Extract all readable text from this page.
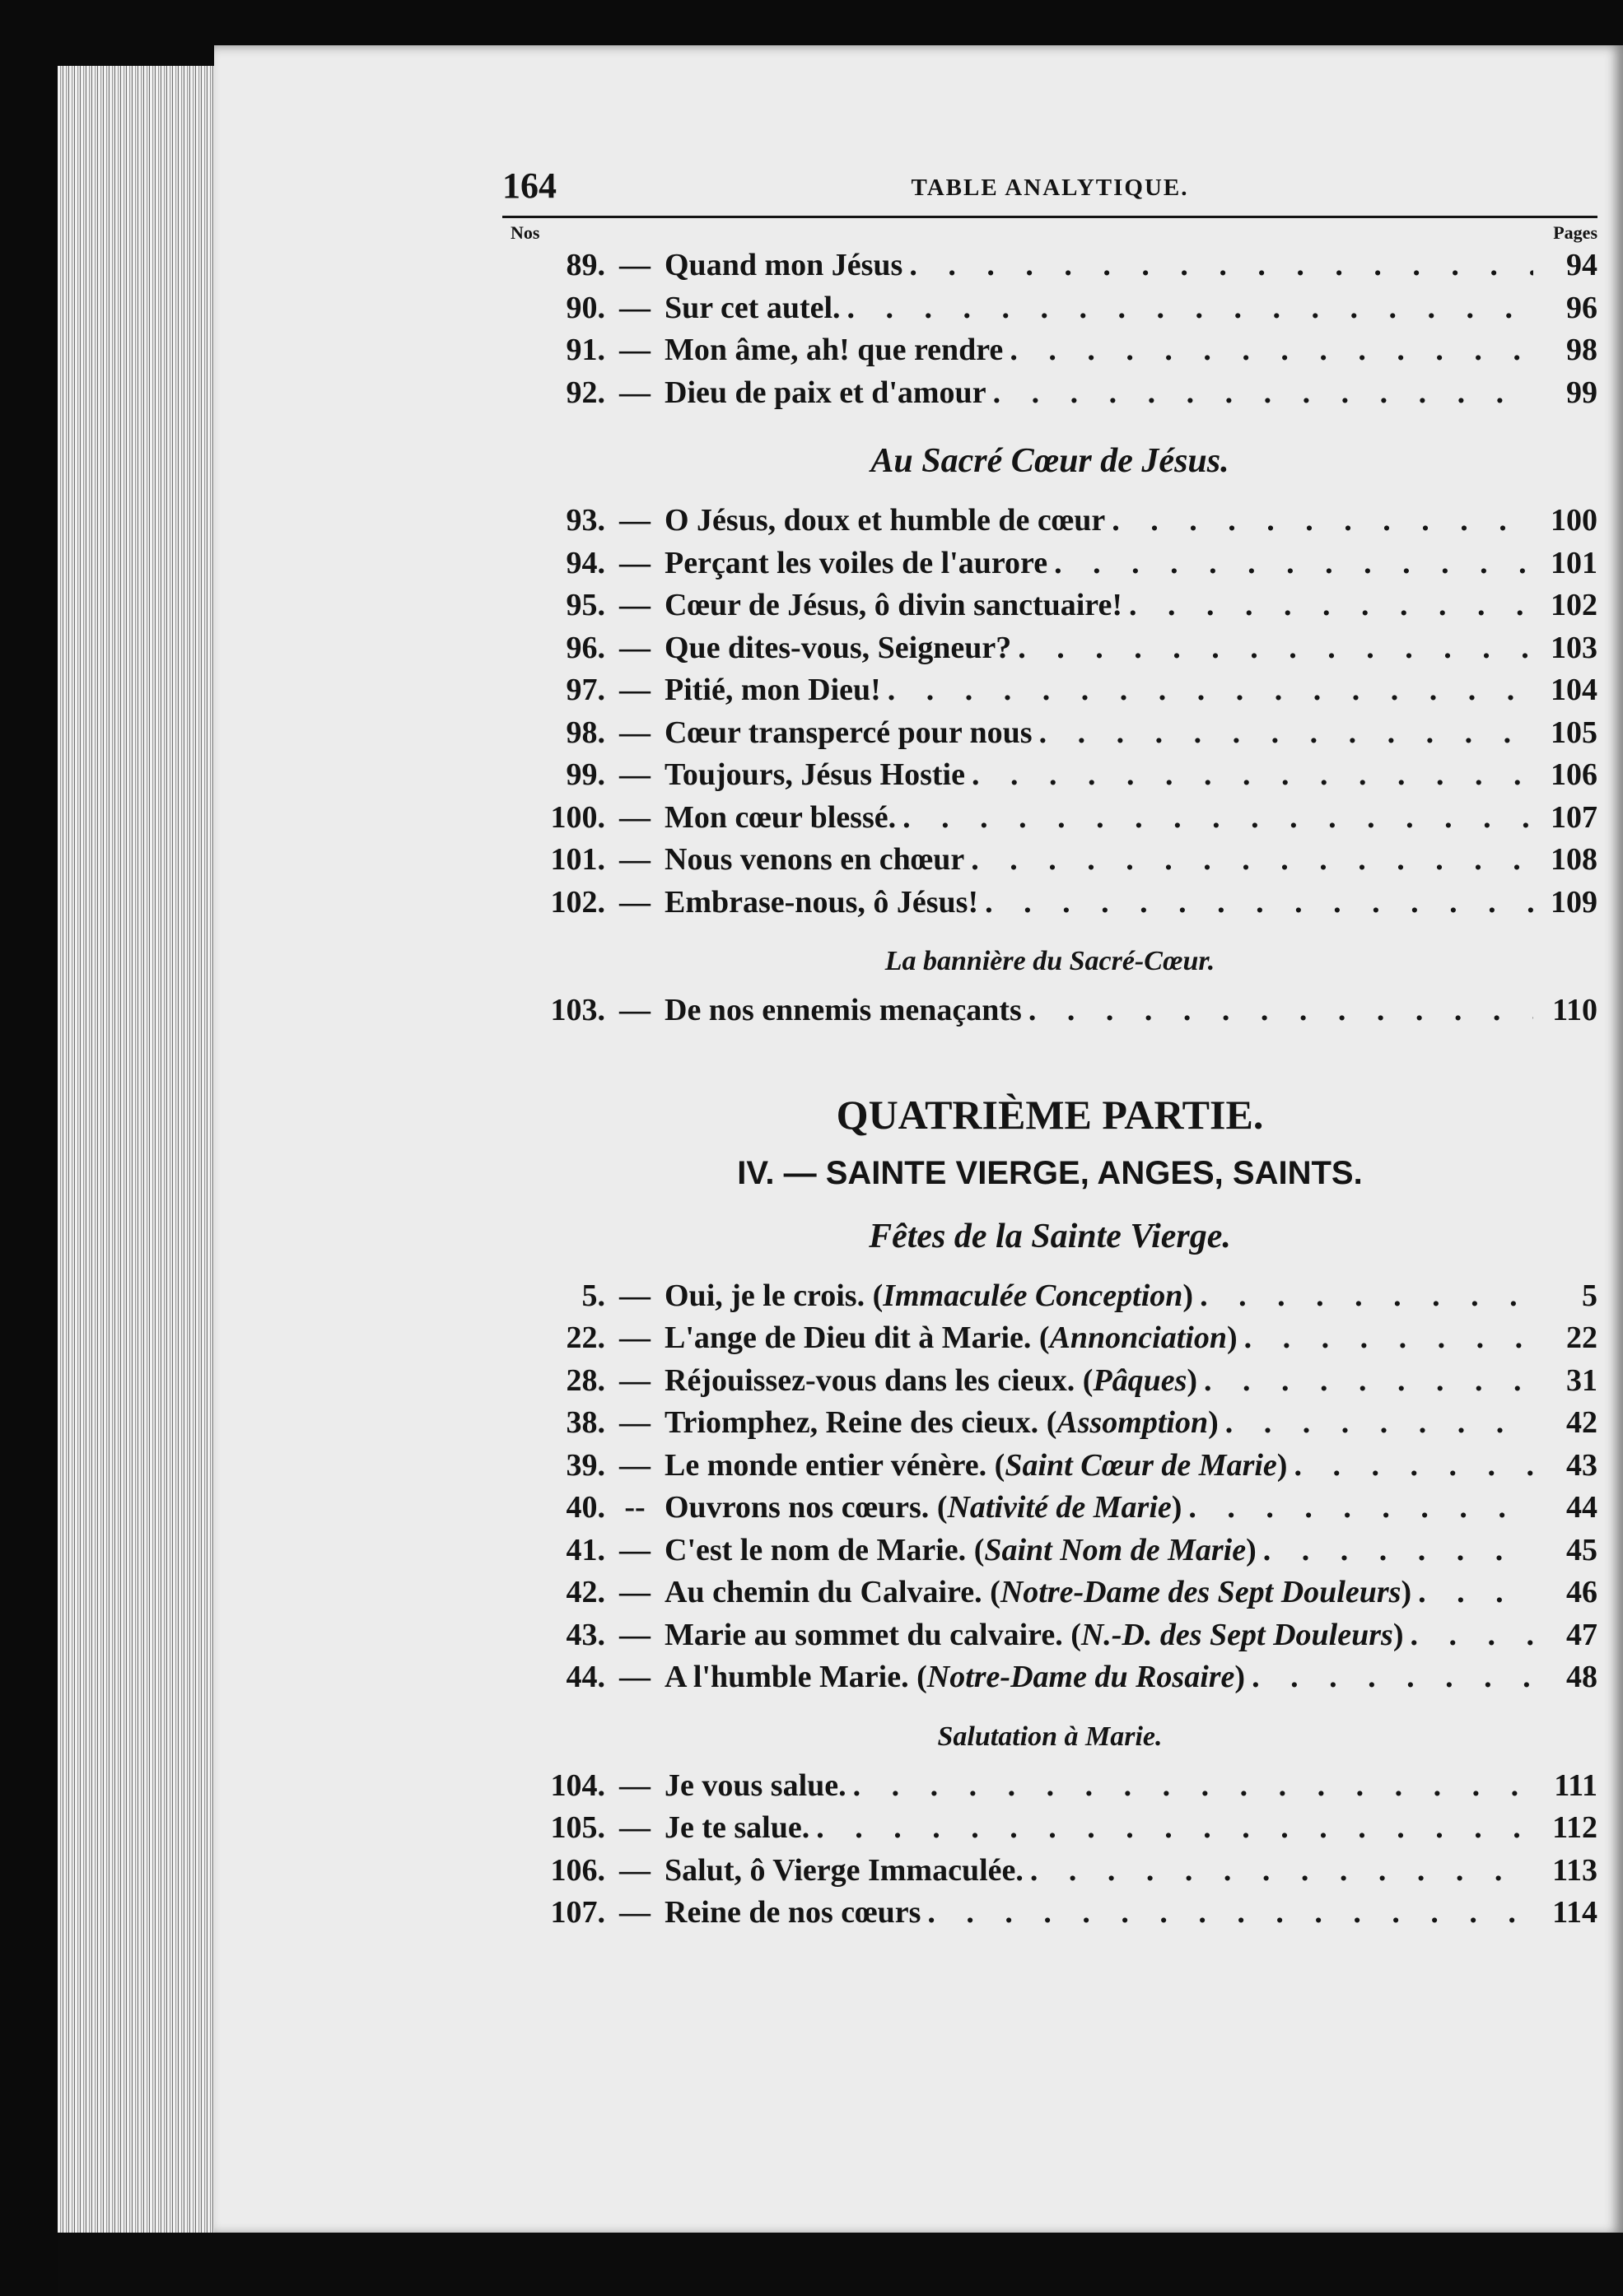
164	TABLE ANALYTIQUE.
Nos	Pages
89. — Quand mon Jésus . . .	94
90. — Sur cet autel. . . .	96
91. — Mon âme, ah! que rendre . . .	98
92. — Dieu de paix et d'amour . . .	99
Au Sacré Cœur de Jésus.
93. — O Jésus, doux et humble de cœur . . .	100
94. — Perçant les voiles de l'aurore . . .	101
95. — Cœur de Jésus, ô divin sanctuaire! . . .	102
96. — Que dites-vous, Seigneur? . . .	103
97. — Pitié, mon Dieu! . . .	104
98. — Cœur transpercé pour nous . . .	105
99. — Toujours, Jésus Hostie . . .	106
100. — Mon cœur blessé. . . .	107
101. — Nous venons en chœur . . .	108
102. — Embrase-nous, ô Jésus! . . .	109
La bannière du Sacré-Cœur.
103. — De nos ennemis menaçants . . .	110
QUATRIÈME PARTIE.
IV. — SAINTE VIERGE, ANGES, SAINTS.
Fêtes de la Sainte Vierge.
5. — Oui, je le crois. (Immaculée Conception) . . .	5
22. — L'ange de Dieu dit à Marie. (Annonciation) . . .	22
28. — Réjouissez-vous dans les cieux. (Pâques) . . .	31
38. — Triomphez, Reine des cieux. (Assomption) . . .	42
39. — Le monde entier vénère. (Saint Cœur de Marie) . . .	43
40. -- Ouvrons nos cœurs. (Nativité de Marie) . . .	44
41. — C'est le nom de Marie. (Saint Nom de Marie) . . .	45
42. — Au chemin du Calvaire. (Notre-Dame des Sept Douleurs) . . .	46
43. — Marie au sommet du calvaire. (N.-D. des Sept Douleurs) . . .	47
44. — A l'humble Marie. (Notre-Dame du Rosaire) . . .	48
Salutation à Marie.
104. — Je vous salue. . . .	111
105. — Je te salue. . . .	112
106. — Salut, ô Vierge Immaculée. . . .	113
107. — Reine de nos cœurs . . .	114
